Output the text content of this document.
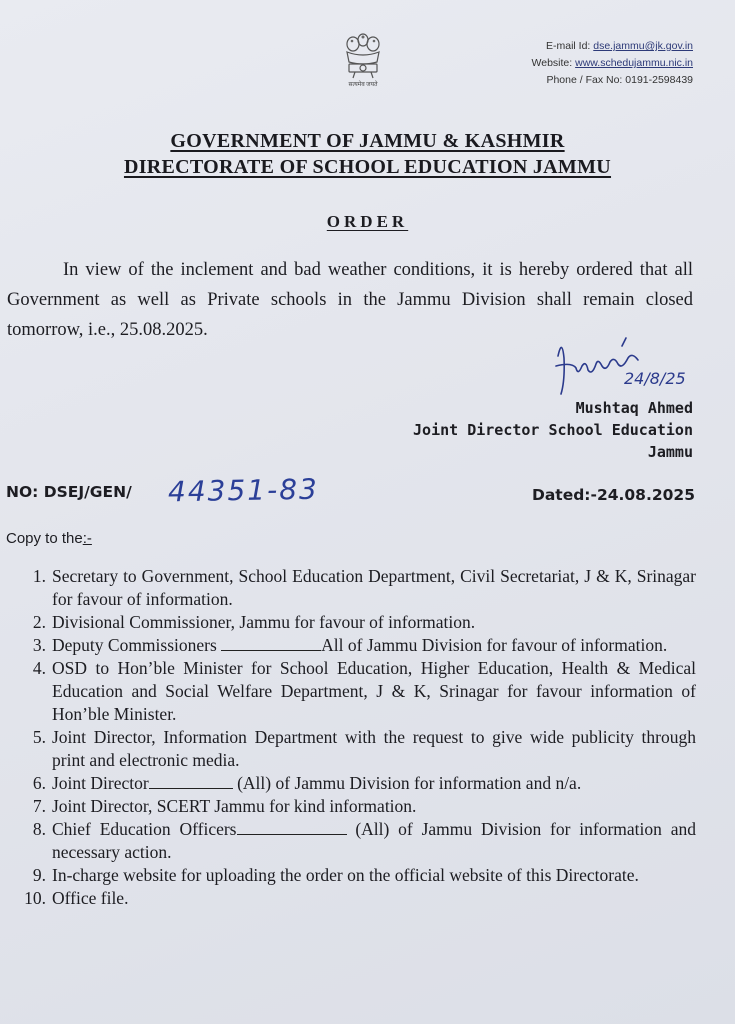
सत्यमेव जयते
E-mail Id: dse.jammu@jk.gov.in
Website: www.schedujammu.nic.in
Phone / Fax No: 0191-2598439
GOVERNMENT OF JAMMU & KASHMIR
DIRECTORATE OF SCHOOL EDUCATION JAMMU
ORDER
In view of the inclement and bad weather conditions, it is hereby ordered that all Government as well as Private schools in the Jammu Division shall remain closed tomorrow, i.e., 25.08.2025.
24/8/25
Mushtaq Ahmed
Joint Director School Education
Jammu
NO: DSEJ/GEN/ 44351-83	Dated:-24.08.2025
Copy to the:-
1. Secretary to Government, School Education Department, Civil Secretariat, J & K, Srinagar for favour of information.
2. Divisional Commissioner, Jammu for favour of information.
3. Deputy Commissioners	All of Jammu Division for favour of information.
4. OSD to Hon’ble Minister for School Education, Higher Education, Health & Medical Education and Social Welfare Department, J & K, Srinagar for favour information of Hon’ble Minister.
5. Joint Director, Information Department with the request to give wide publicity through print and electronic media.
6. Joint Director	(All) of Jammu Division for information and n/a.
7. Joint Director, SCERT Jammu for kind information.
8. Chief Education Officers	(All) of Jammu Division for information and necessary action.
9. In-charge website for uploading the order on the official website of this Directorate.
10. Office file.
